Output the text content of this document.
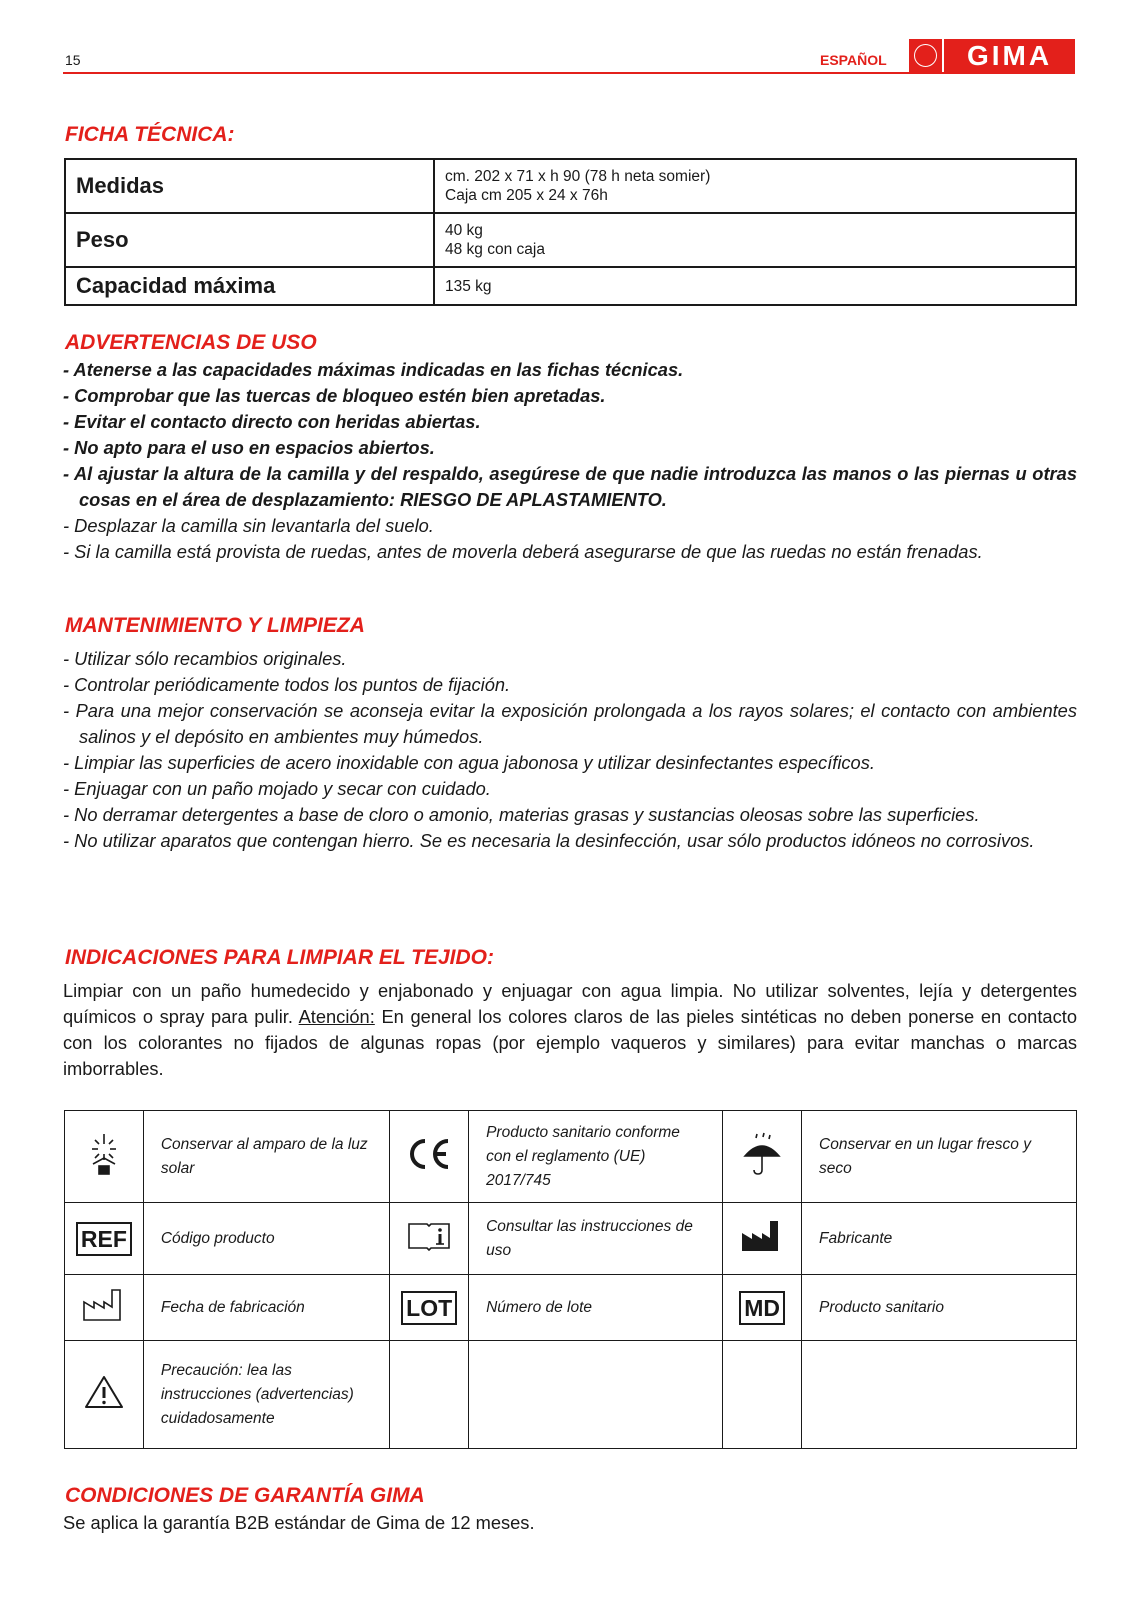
15	ESPAÑOL	GIMA
FICHA TÉCNICA:
Medidas	cm. 202 x 71 x h 90 (78 h neta somier)
Caja cm 205 x 24 x 76h

Peso	40 kg
48 kg con caja

Capacidad máxima	135 kg
ADVERTENCIAS DE USO
- Atenerse a las capacidades máximas indicadas en las fichas técnicas.
- Comprobar que las tuercas de bloqueo estén bien apretadas.
- Evitar el contacto directo con heridas abiertas.
- No apto para el uso en espacios abiertos.
- Al ajustar la altura de la camilla y del respaldo, asegúrese de que nadie introduzca las manos o las piernas u otras cosas en el área de desplazamiento: RIESGO DE APLASTAMIENTO.
- Desplazar la camilla sin levantarla del suelo.
- Si la camilla está provista de ruedas, antes de moverla deberá asegurarse de que las ruedas no están frenadas.
MANTENIMIENTO Y LIMPIEZA
- Utilizar sólo recambios originales.
- Controlar periódicamente todos los puntos de fijación.
- Para una mejor conservación se aconseja evitar la exposición prolongada a los rayos solares; el contacto con ambientes salinos y el depósito en ambientes muy húmedos.
- Limpiar las superficies de acero inoxidable con agua jabonosa y utilizar desinfectantes específicos.
- Enjuagar con un paño mojado y secar con cuidado.
- No derramar detergentes a base de cloro o amonio, materias grasas y sustancias oleosas sobre las superficies.
- No utilizar aparatos que contengan hierro. Se es necesaria la desinfección, usar sólo productos idóneos no corrosivos.
INDICACIONES PARA LIMPIAR EL TEJIDO:

Limpiar con un paño humedecido y enjabonado y enjuagar con agua limpia. No utilizar solventes, lejía y detergentes químicos o spray para pulir. Atención: En general los colores claros de las pieles sintéticas no deben ponerse en contacto con los colorantes no fijados de algunas ropas (por ejemplo vaqueros y similares) para evitar manchas o marcas imborrables.

	Conservar al amparo de la luz solar		Producto sanitario conforme con el reglamento (UE) 2017/745		Conservar en un lugar fresco y seco
REF	Código producto		Consultar las instrucciones de uso		Fabricante
	Fecha de fabricación	LOT	Número de lote	MD	Producto sanitario
	Precaución: lea las instrucciones (advertencias) cuidadosamente				
CONDICIONES DE GARANTÍA GIMA

Se aplica la garantía B2B estándar de Gima de 12 meses.
